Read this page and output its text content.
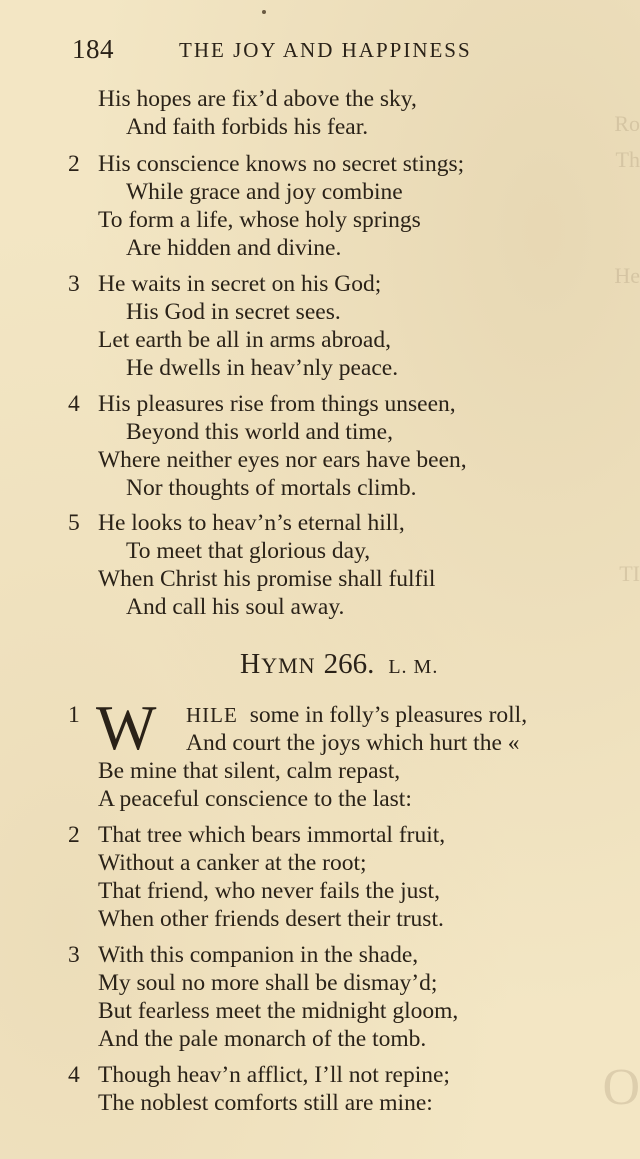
Ro
Th
He
TI
O
184	THE JOY AND HAPPINESS
His hopes are fix’d above the sky,
And faith forbids his fear.
2 His conscience knows no secret stings;
While grace and joy combine
To form a life, whose holy springs
Are hidden and divine.
3 He waits in secret on his God;
His God in secret sees.
Let earth be all in arms abroad,
He dwells in heav’nly peace.
4 His pleasures rise from things unseen,
Beyond this world and time,
Where neither eyes nor ears have been,
Nor thoughts of mortals climb.
5 He looks to heav’n’s eternal hill,
To meet that glorious day,
When Christ his promise shall fulfil
And call his soul away.
HYMN 266. L. M.
1 W HILE some in folly’s pleasures roll,
And court the joys which hurt the «
Be mine that silent, calm repast,
A peaceful conscience to the last:
2 That tree which bears immortal fruit,
Without a canker at the root;
That friend, who never fails the just,
When other friends desert their trust.
3 With this companion in the shade,
My soul no more shall be dismay’d;
But fearless meet the midnight gloom,
And the pale monarch of the tomb.
4 Though heav’n afflict, I’ll not repine;
The noblest comforts still are mine:
